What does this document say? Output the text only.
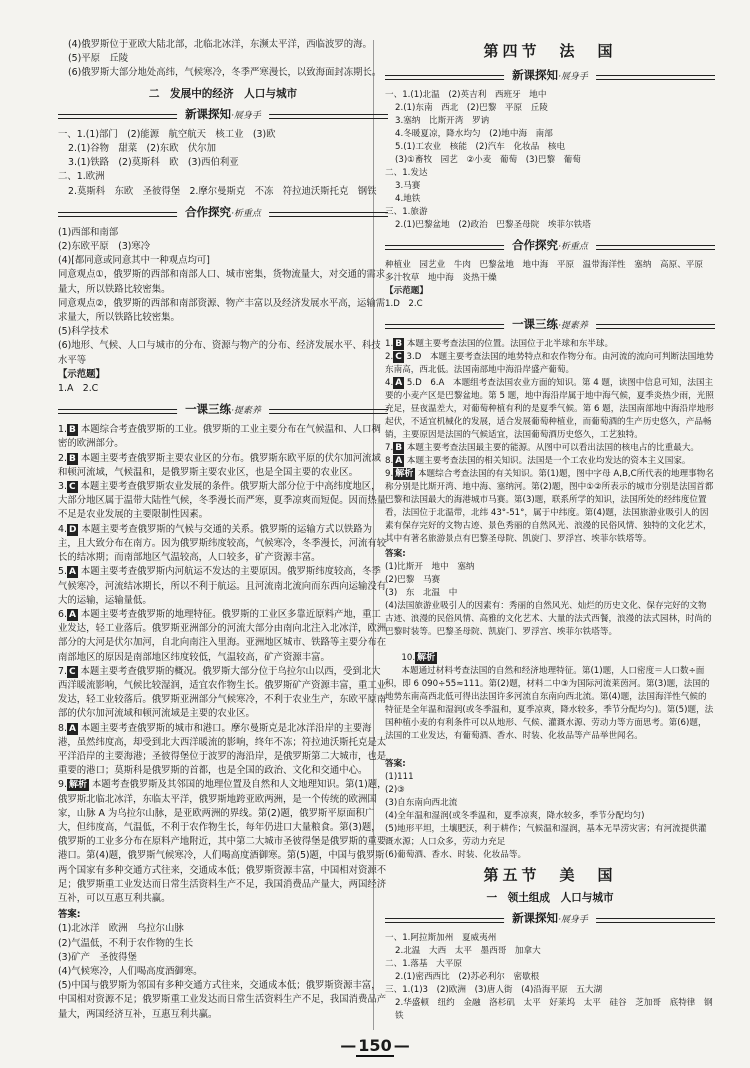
(4)俄罗斯位于亚欧大陆北部，北临北冰洋，东濒太平洋，西临波罗的海。
(5)平原　丘陵
(6)俄罗斯大部分地处高纬，气候寒冷，冬季严寒漫长，以致海面封冻期长。
二　发展中的经济　人口与城市
新课探知·展身手
一、1.(1)部门　(2)能源　航空航天　核工业　(3)欧
2.(1)谷物　甜菜　(2)东欧　伏尔加
3.(1)铁路　(2)莫斯科　欧　(3)西伯利亚
二、1.欧洲
2.莫斯科　东欧　圣彼得堡　2.摩尔曼斯克　不冻　符拉迪沃斯托克　钢铁
合作探究·析重点
(1)西部和南部
(2)东欧平原　(3)寒冷
(4)[都同意或同意其中一种观点均可]
同意观点①，俄罗斯的西部和南部人口、城市密集，货物流量大，对交通的需求量大，所以铁路比较密集。
同意观点②，俄罗斯的西部和南部资源、物产丰富以及经济发展水平高，运输需求量大，所以铁路比较密集。
(5)科学技术
(6)地形、气候、人口与城市的分布、资源与物产的分布、经济发展水平、科技水平等
【示范题】
1.A　2.C
一课三练·提素养
1. B 本题综合考查俄罗斯的工业。俄罗斯的工业主要分布在气候温和、人口稠密的欧洲部分。
2. B 本题主要考查俄罗斯主要农业区的分布。俄罗斯东欧平原的伏尔加河流域和顿河流域，气候温和，是俄罗斯主要农业区，也是全国主要的农业区。
3. C 本题主要考查俄罗斯农业发展的条件。俄罗斯大部分位于中高纬度地区，大部分地区属于温带大陆性气候，冬季漫长而严寒，夏季凉爽而短促。因而热量不足是农业发展的主要限制性因素。
4. D 本题主要考查俄罗斯的气候与交通的关系。俄罗斯的运输方式以铁路为主，且大致分布在南方。因为俄罗斯纬度较高，气候寒冷，冬季漫长，河流有较长的结冰期；而南部地区气温较高，人口较多，矿产资源丰富。
5. A 本题主要考查俄罗斯内河航运不发达的主要原因。俄罗斯纬度较高，冬季气候寒冷，河流结冰期长，所以不利于航运。且河流南北流向而东西向运输没有大的运输，运输量低。
6. A 本题主要考查俄罗斯的地理特征。俄罗斯的工业区多靠近原料产地，重工业发达，轻工业落后。俄罗斯亚洲部分的河流大部分由南向北注入北冰洋，欧洲部分的大河是伏尔加河，自北向南注入里海。亚洲地区城市、铁路等主要分布在南部地区的原因是南部地区纬度较低，气温较高，矿产资源丰富。
7. C 本题主要考查俄罗斯的概况。俄罗斯大部分位于乌拉尔山以西，受到北大西洋暖流影响，气候比较湿润，适宜农作物生长。俄罗斯矿产资源丰富，重工业发达，轻工业较落后。俄罗斯亚洲部分气候寒冷，不利于农业生产，东欧平原南部的伏尔加河流域和顿河流域是主要的农业区。
8. A 本题主要考查俄罗斯的城市和港口。摩尔曼斯克是北冰洋沿岸的主要海港，虽然纬度高，却受到北大西洋暖流的影响，终年不冻；符拉迪沃斯托克是太平洋沿岸的主要海港；圣彼得堡位于波罗的海沿岸，是俄罗斯第二大城市，也是重要的港口；莫斯科是俄罗斯的首都，也是全国的政治、文化和交通中心。
9. 解析 本题考查俄罗斯及其邻国的地理位置及自然和人文地理知识。第(1)题，俄罗斯北临北冰洋，东临太平洋，俄罗斯地跨亚欧两洲，是一个传统的欧洲国家，山脉 A 为乌拉尔山脉，是亚欧两洲的界线。第(2)题，俄罗斯平原面积广大，但纬度高，气温低，不利于农作物生长，每年仍进口大量粮食。第(3)题，俄罗斯的工业多分布在原料产地附近，其中第二大城市圣彼得堡是俄罗斯的重要港口。第(4)题，俄罗斯气候寒冷，人们喝高度酒御寒。第(5)题，中国与俄罗斯两个国家有多种交通方式往来，交通成本低；俄罗斯资源丰富，中国相对资源不足；俄罗斯重工业发达而日常生活资料生产不足，我国消费品产量大，两国经济互补，可以互惠互利共赢。
答案:
(1)北冰洋　欧洲　乌拉尔山脉
(2)气温低，不利于农作物的生长
(3)矿产　圣彼得堡
(4)气候寒冷，人们喝高度酒御寒。
(5)中国与俄罗斯为邻国有多种交通方式往来，交通成本低；俄罗斯资源丰富，中国相对资源不足；俄罗斯重工业发达而日常生活资料生产不足，我国消费品产量大，两国经济互补，互惠互利共赢。
第四节　法　国
新课探知·展身手
一、1.(1)北温　(2)英吉利　西班牙　地中
2.(1)东南　西北　(2)巴黎　平原　丘陵
3.塞纳　比斯开湾　罗讷
4.冬暖夏凉，降水均匀　(2)地中海　南部
5.(1)工农业　核能　(2)汽车　化妆品　核电
(3)①畜牧　园艺　②小麦　葡萄　(3)巴黎　葡萄
二、1.发达
3.马赛
4.地铁
三、1.旅游
2.(1)巴黎盆地　(2)政治　巴黎圣母院　埃菲尔铁塔
合作探究·析重点
种植业　园艺业　牛肉　巴黎盆地　地中海　平原　温带海洋性　塞纳　高原、平原　多汁牧草　地中海　炎热干燥
【示范题】
1.D　2.C
一课三练·提素养
1. B 本题主要考查法国的位置。法国位于北半球和东半球。
2. C 3.D　本题主要考查法国的地势特点和农作物分布。由河流的流向可判断法国地势东南高，西北低。法国南部地中海沿岸盛产葡萄。
4. A 5.D　6.A　本题组考查法国农业方面的知识。第 4 题，读图中信息可知，法国主要的小麦产区是巴黎盆地。第 5 题，地中海沿岸属于地中海气候，夏季炎热少雨，光照充足，昼夜温差大，对葡萄种植有利的是夏季气候。第 6 题，法国南部地中海沿岸地形起伏，不适宜机械化的发展，适合发展葡萄种植业，而葡萄酒的生产历史悠久，产品畅销，主要原因是法国的气候适宜，法国葡萄酒历史悠久，工艺独特。
7. B 本题主要考查法国最主要的能源。从图中可以看出法国的核电占的比重最大。
8. A 本题主要考查法国的相关知识。法国是一个工农业均发达的资本主义国家。
9. 解析 本题综合考查法国的有关知识。第(1)题，图中字母 A,B,C所代表的地理事物名称分别是比斯开湾、地中海、塞纳河。第(2)题，图中①②所表示的城市分别是法国首都巴黎和法国最大的海港城市马赛。第(3)题，联系所学的知识，法国所处的经纬度位置看，法国位于北温带，北纬 43°-51°，属于中纬度。第(4)题，法国旅游业吸引人的因素有保存完好的文物古迹、景色秀丽的自然风光、浪漫的民俗风情、独特的文化艺术，其中有著名旅游景点有巴黎圣母院、凯旋门、罗浮宫、埃菲尔铁塔等。
答案:
(1)比斯开　地中　塞纳
(2)巴黎　马赛
(3)　东　北温　中
(4)法国旅游业吸引人的因素有：秀丽的自然风光、灿烂的历史文化、保存完好的文物古迹、浪漫的民俗风情、高雅的文化艺术、大量的法式西餐，浪漫的法式园林，时尚的巴黎时装等。巴黎圣母院、凯旋门、罗浮宫、埃菲尔铁塔等。

10. 解析
本题通过材料考查法国的自然和经济地理特征。第(1)题，人口密度＝人口数÷面积，即 6 090÷55≈111。第(2)题，材料二中③为国际河流莱茵河。第(3)题，法国的地势东南高西北低可得出法国许多河流自东南向西北流。第(4)题，法国海洋性气候的特征是全年温和湿润(或冬季温和，夏季凉爽，降水较多，季节分配均匀)。第(5)题，法国种植小麦的有利条件可以从地形、气候、灌溉水源、劳动力等方面思考。第(6)题，法国的工业发达，有葡萄酒、香水、时装、化妆品等产品举世闻名。

答案:
(1)111
(2)③
(3)自东南向西北流
(4)全年温和湿润(或冬季温和，夏季凉爽，降水较多，季节分配均匀)
(5)地形平坦，土壤肥沃，利于耕作；气候温和湿润，基本无旱涝灾害；有河流提供灌溉水源；人口众多，劳动力充足
(6)葡萄酒、香水、时装、化妆品等。
第五节　美　国
一　领土组成　人口与城市
新课探知·展身手
一、1.阿拉斯加州　夏威夷州
2.北温　大西　太平　墨西哥　加拿大
二、1.落基　大平原
2.(1)密西西比　(2)苏必利尔　密歇根
三、1.(1)3　(2)欧洲　(3)唐人街　(4)沿海平原　五大湖
2.华盛顿　纽约　金融　洛杉矶　太平　好莱坞　太平　硅谷　芝加哥　底特律　钢铁
— 150 —
